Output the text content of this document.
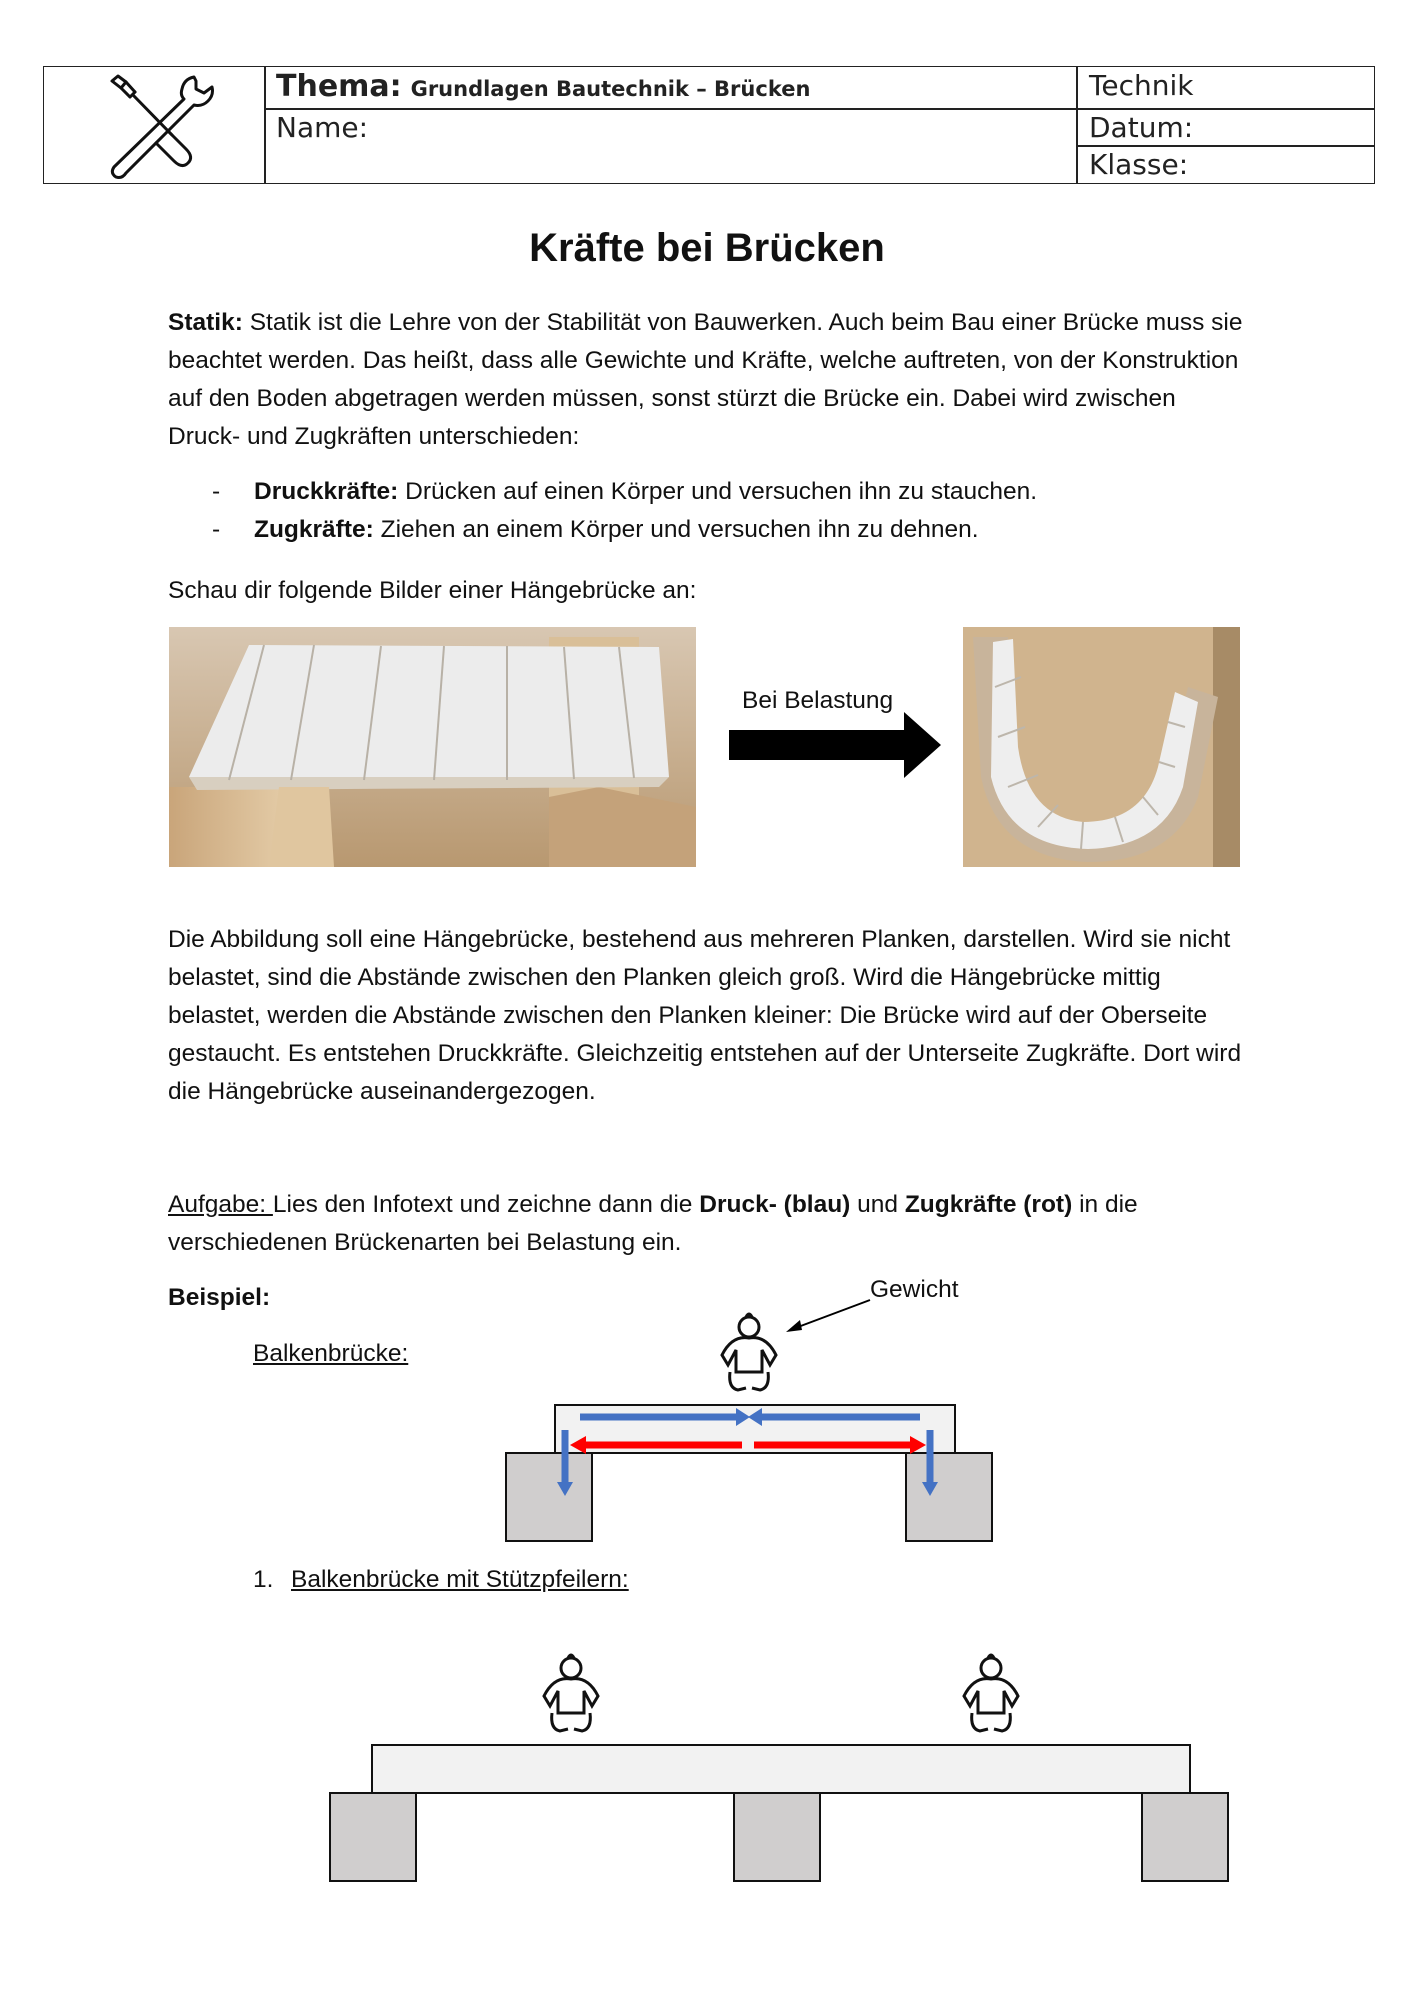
Thema: Grundlagen Bautechnik – Brücken
Name:
Technik
Datum:
Klasse:
Kräfte bei Brücken

Statik: Statik ist die Lehre von der Stabilität von Bauwerken. Auch beim Bau einer Brücke muss sie beachtet werden. Das heißt, dass alle Gewichte und Kräfte, welche auftreten, von der Konstruktion auf den Boden abgetragen werden müssen, sonst stürzt die Brücke ein. Dabei wird zwischen Druck- und Zugkräften unterschieden:

- Druckkräfte: Drücken auf einen Körper und versuchen ihn zu stauchen.
- Zugkräfte: Ziehen an einem Körper und versuchen ihn zu dehnen.
Schau dir folgende Bilder einer Hängebrücke an:
Bei Belastung

Die Abbildung soll eine Hängebrücke, bestehend aus mehreren Planken, darstellen. Wird sie nicht belastet, sind die Abstände zwischen den Planken gleich groß. Wird die Hängebrücke mittig belastet, werden die Abstände zwischen den Planken kleiner: Die Brücke wird auf der Oberseite gestaucht. Es entstehen Druckkräfte. Gleichzeitig entstehen auf der Unterseite Zugkräfte. Dort wird die Hängebrücke auseinandergezogen.

Aufgabe: Lies den Infotext und zeichne dann die Druck- (blau) und Zugkräfte (rot) in die verschiedenen Brückenarten bei Belastung ein.

Beispiel:	Gewicht
Balkenbrücke:
1. Balkenbrücke mit Stützpfeilern:
